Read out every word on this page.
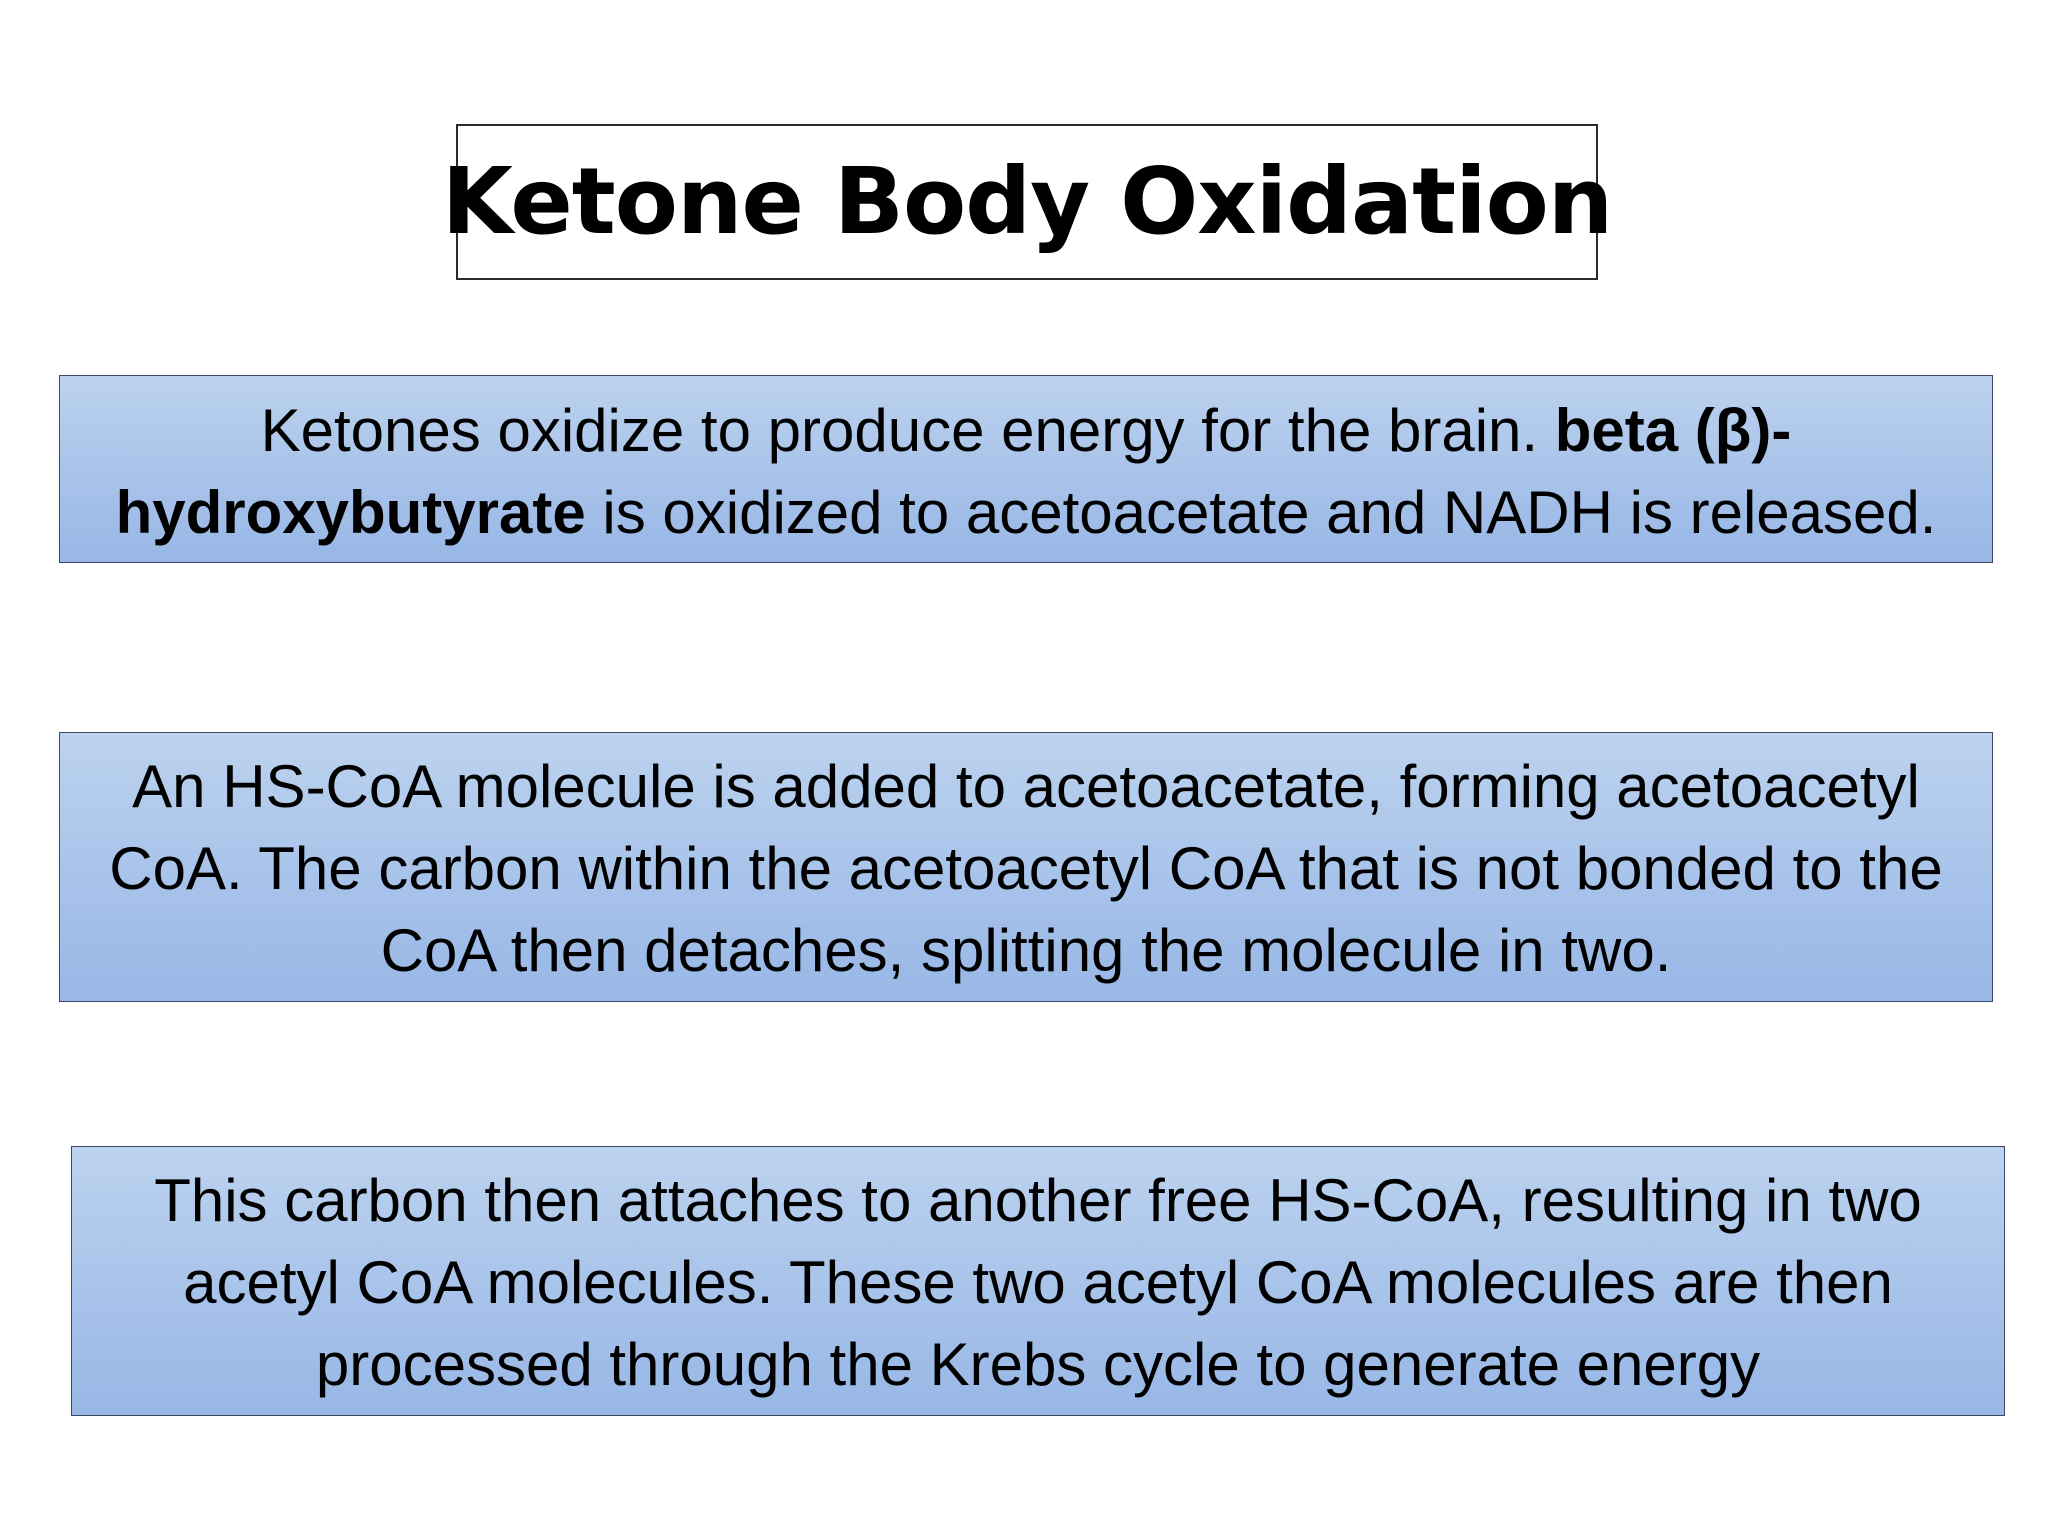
Ketone Body Oxidation

Ketones oxidize to produce energy for the brain. beta (β)-
hydroxybutyrate is oxidized to acetoacetate and NADH is released.

An HS-CoA molecule is added to acetoacetate, forming acetoacetyl CoA. The carbon within the acetoacetyl CoA that is not bonded to the CoA then detaches, splitting the molecule in two.

This carbon then attaches to another free HS-CoA, resulting in two acetyl CoA molecules. These two acetyl CoA molecules are then processed through the Krebs cycle to generate energy
